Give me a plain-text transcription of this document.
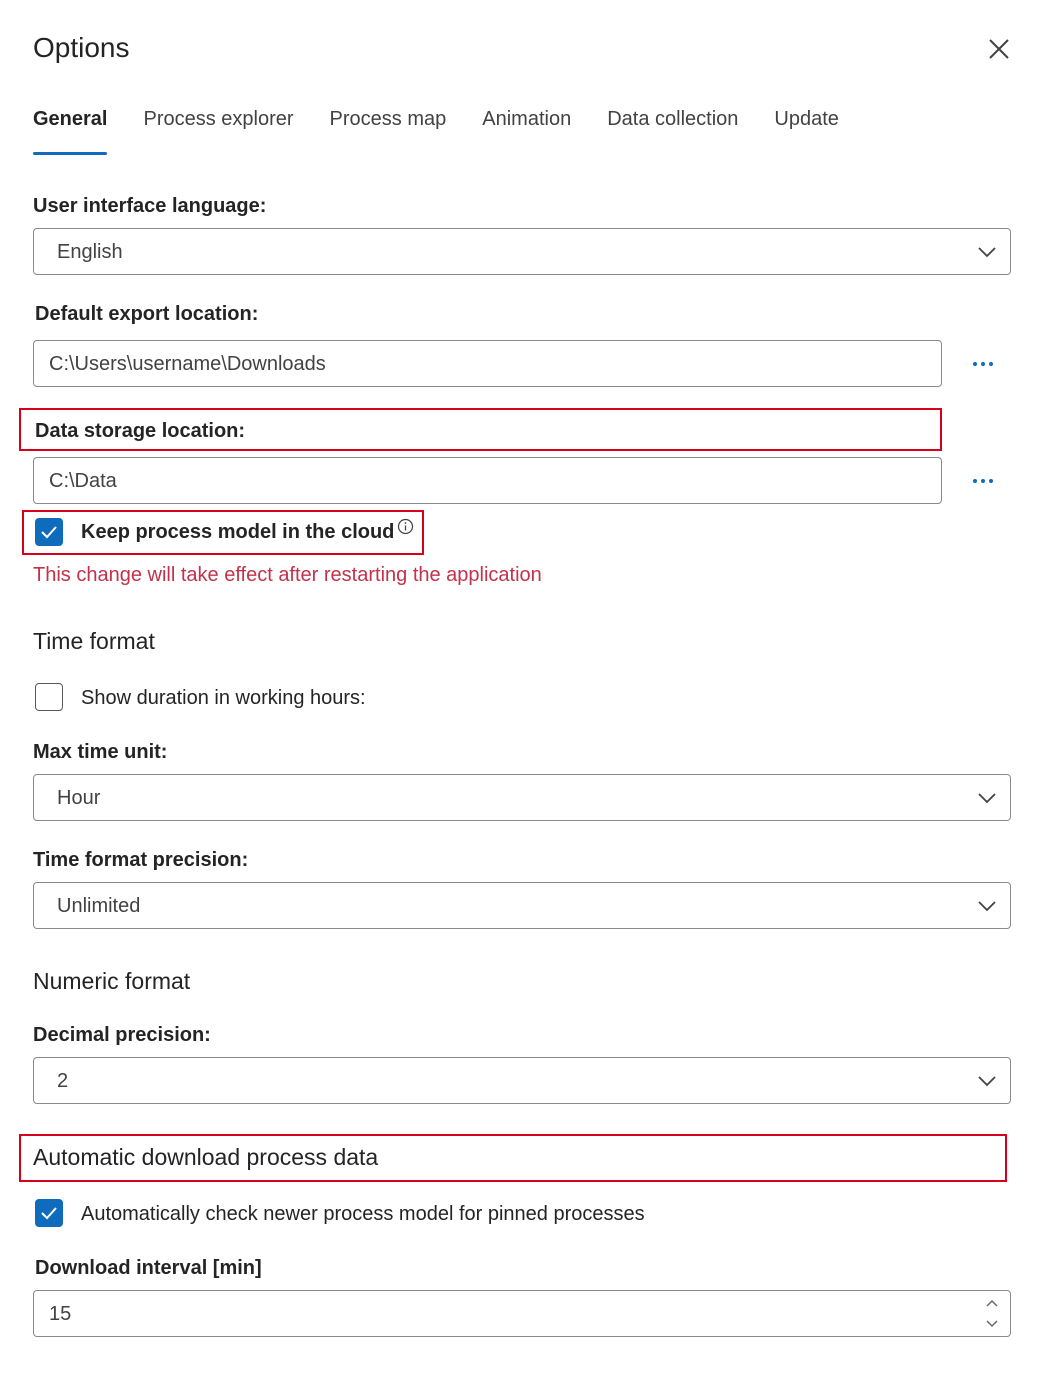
Options
General Process explorer Process map Animation Data collection Update
User interface language:
English
Default export location:
C:\Users\username\Downloads
Data storage location:
C:\Data
Keep process model in the cloud
This change will take effect after restarting the application
Time format
Show duration in working hours:
Max time unit:
Hour
Time format precision:
Unlimited
Numeric format
Decimal precision:
2
Automatic download process data
Automatically check newer process model for pinned processes
Download interval [min]
15
